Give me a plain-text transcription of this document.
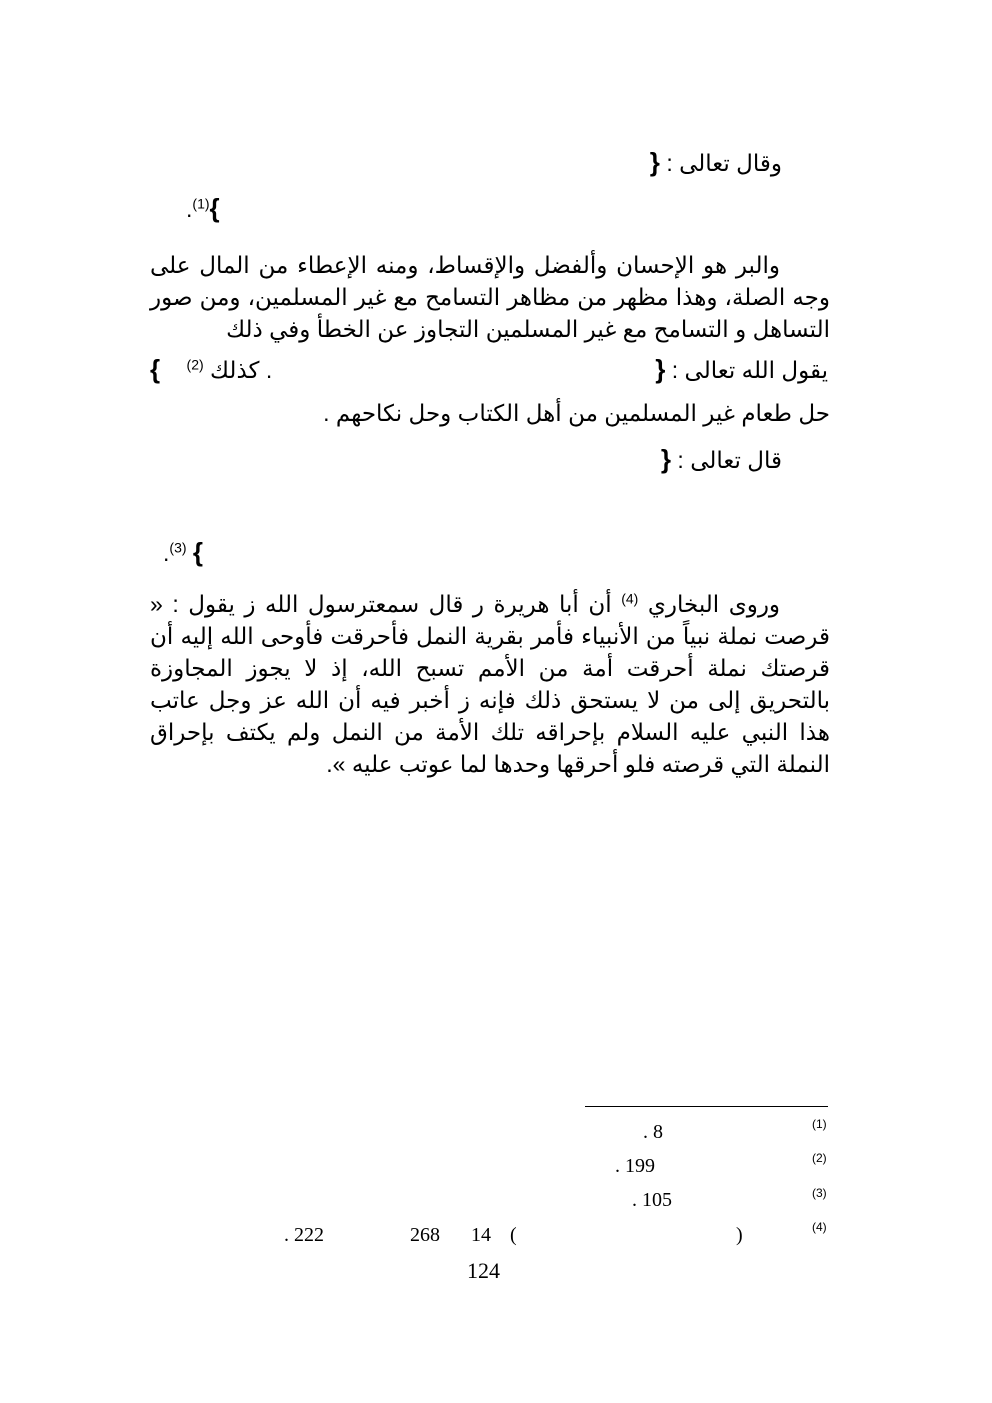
وقال تعالى : {
}$^{(1)}$.

والبر هو الإحسان وألفضل والإقساط، ومنه الإعطاء من المال على وجه الصلة، وهذا مظهر من مظاهر التسامح مع غير المسلمين، ومن صور التساهل و التسامح مع غير المسلمين التجاوز عن الخطأ وفي ذلك

يقول الله تعالى : {
. كذلك $^{(2)}$ }
حل طعام غير المسلمين من أهل الكتاب وحل نكاحهم .
قال تعالى : {
} $^{(3)}$.

وروى البخاري $^{(4)}$ أن أبا هريرة ر قال سمعترسول الله ز يقول : « قرصت نملة نبياً من الأنبياء فأمر بقرية النمل فأحرقت فأوحى الله إليه أن قرصتك نملة أحرقت أمة من الأمم تسبح الله، إذ لا يجوز المجاوزة بالتحريق إلى من لا يستحق ذلك فإنه ز أخبر فيه أن الله عز وجل عاتب هذا النبي عليه السلام بإحراقه تلك الأمة من النمل ولم يكتف بإحراق النملة التي قرصته فلو أحرقها وحدها لما عوتب عليه ».

(1)
. 8
(2)
. 199
(3)
. 105
(4)
)
(
14
268
. 222
124
